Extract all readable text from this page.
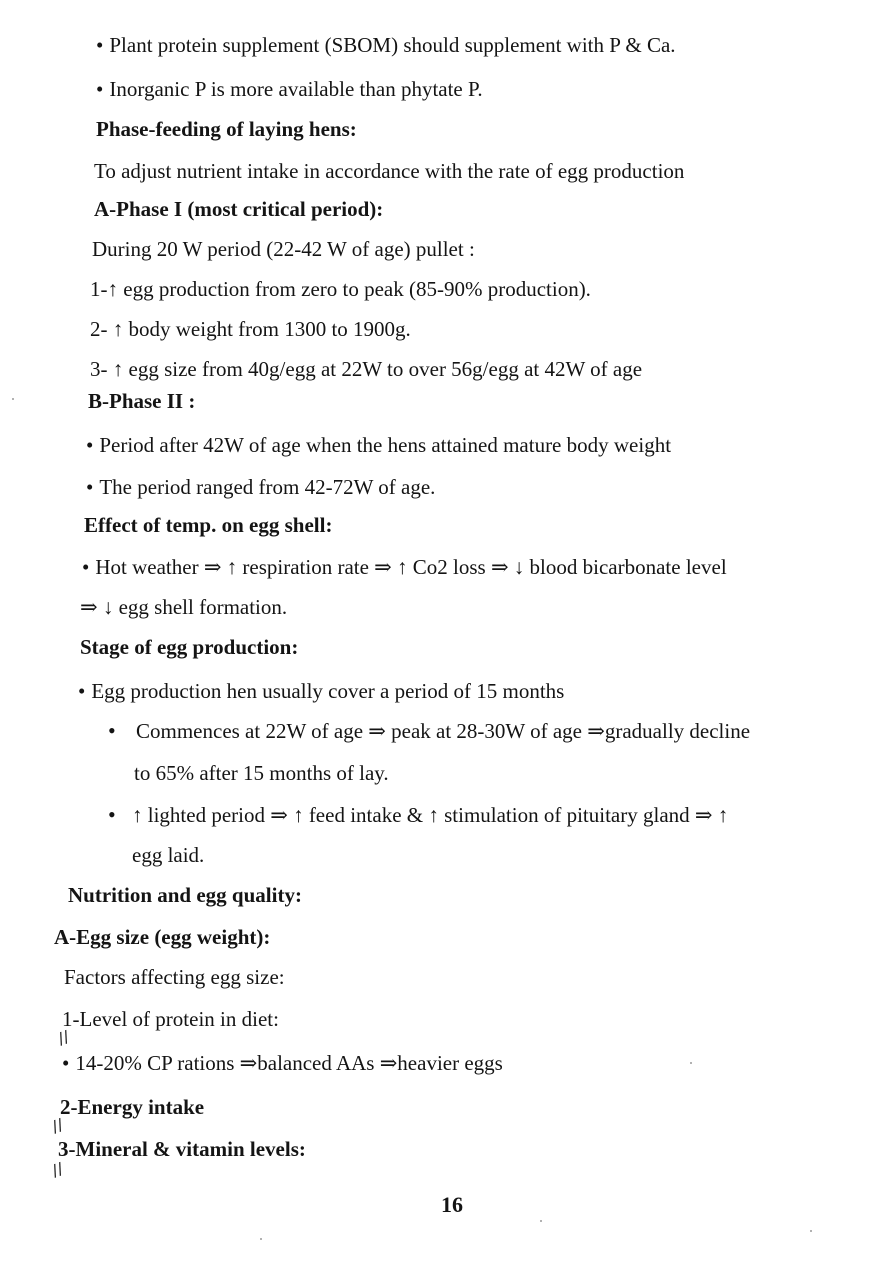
• Plant protein supplement (SBOM) should supplement with P & Ca.
• Inorganic P is more available than phytate P.
Phase-feeding of laying hens:
To adjust nutrient intake in accordance with the rate of egg production
A-Phase I (most critical period):
During 20 W period (22-42 W of age) pullet :
1-↑ egg production from zero to peak (85-90% production).
2- ↑ body weight from 1300 to 1900g.
3- ↑ egg size from 40g/egg at 22W to over 56g/egg at 42W of age
B-Phase II :
• Period after 42W of age when the hens attained mature body weight
• The period ranged from 42-72W of age.
Effect of temp. on egg shell:
• Hot weather ⇒ ↑ respiration rate ⇒ ↑ Co2 loss ⇒ ↓ blood bicarbonate level
⇒ ↓ egg shell formation.
Stage of egg production:
• Egg production hen usually cover a period of 15 months
• Commences at 22W of age ⇒ peak at 28-30W of age ⇒gradually decline
to 65% after 15 months of lay.
• ↑ lighted period ⇒ ↑ feed intake & ↑ stimulation of pituitary gland ⇒ ↑
egg laid.
Nutrition and egg quality:
A-Egg size (egg weight):
Factors affecting egg size:
1-Level of protein in diet:
//
• 14-20% CP rations ⇒balanced AAs ⇒heavier eggs
2-Energy intake
//
3-Mineral & vitamin levels:
//
16
